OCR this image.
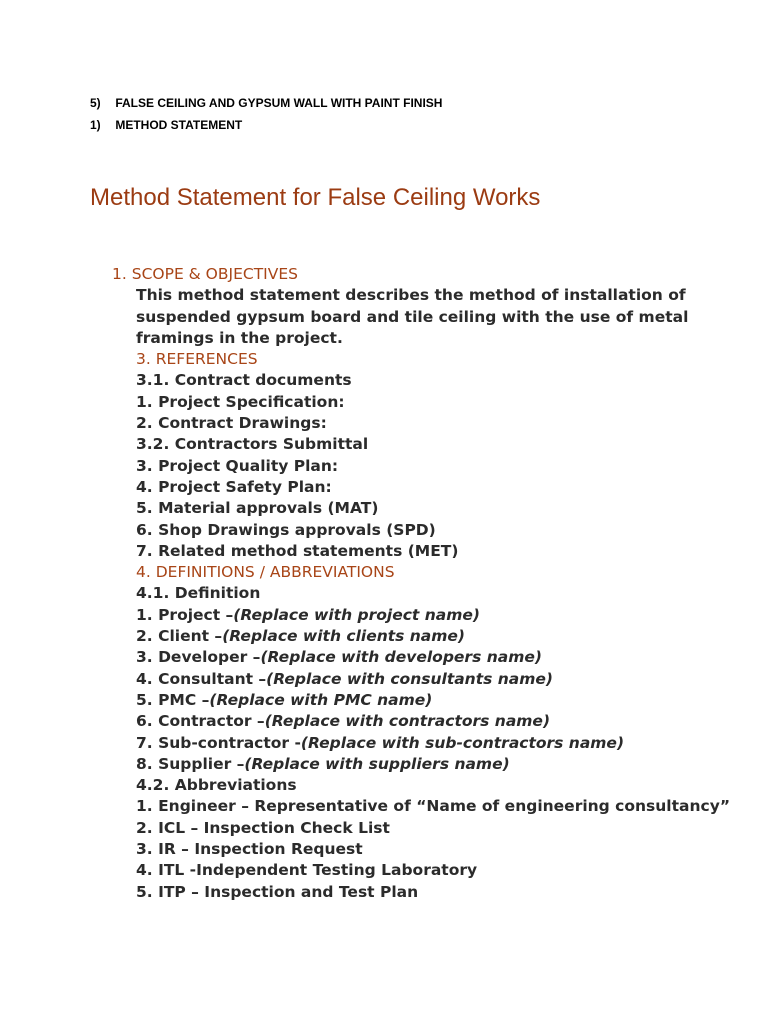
5) FALSE CEILING AND GYPSUM WALL WITH PAINT FINISH
1) METHOD STATEMENT
Method Statement for False Ceiling Works
1. SCOPE & OBJECTIVES
This method statement describes the method of installation of suspended gypsum board and tile ceiling with the use of metal framings in the project.
3. REFERENCES
3.1. Contract documents
1. Project Specification:
2. Contract Drawings:
3.2. Contractors Submittal
3. Project Quality Plan:
4. Project Safety Plan:
5. Material approvals (MAT)
6. Shop Drawings approvals (SPD)
7. Related method statements (MET)
4. DEFINITIONS / ABBREVIATIONS
4.1. Definition
1. Project –(Replace with project name)
2. Client –(Replace with clients name)
3. Developer –(Replace with developers name)
4. Consultant –(Replace with consultants name)
5. PMC –(Replace with PMC name)
6. Contractor –(Replace with contractors name)
7. Sub-contractor -(Replace with sub-contractors name)
8. Supplier –(Replace with suppliers name)
4.2. Abbreviations
1. Engineer – Representative of “Name of engineering consultancy”
2. ICL – Inspection Check List
3. IR – Inspection Request
4. ITL -Independent Testing Laboratory
5. ITP – Inspection and Test Plan
